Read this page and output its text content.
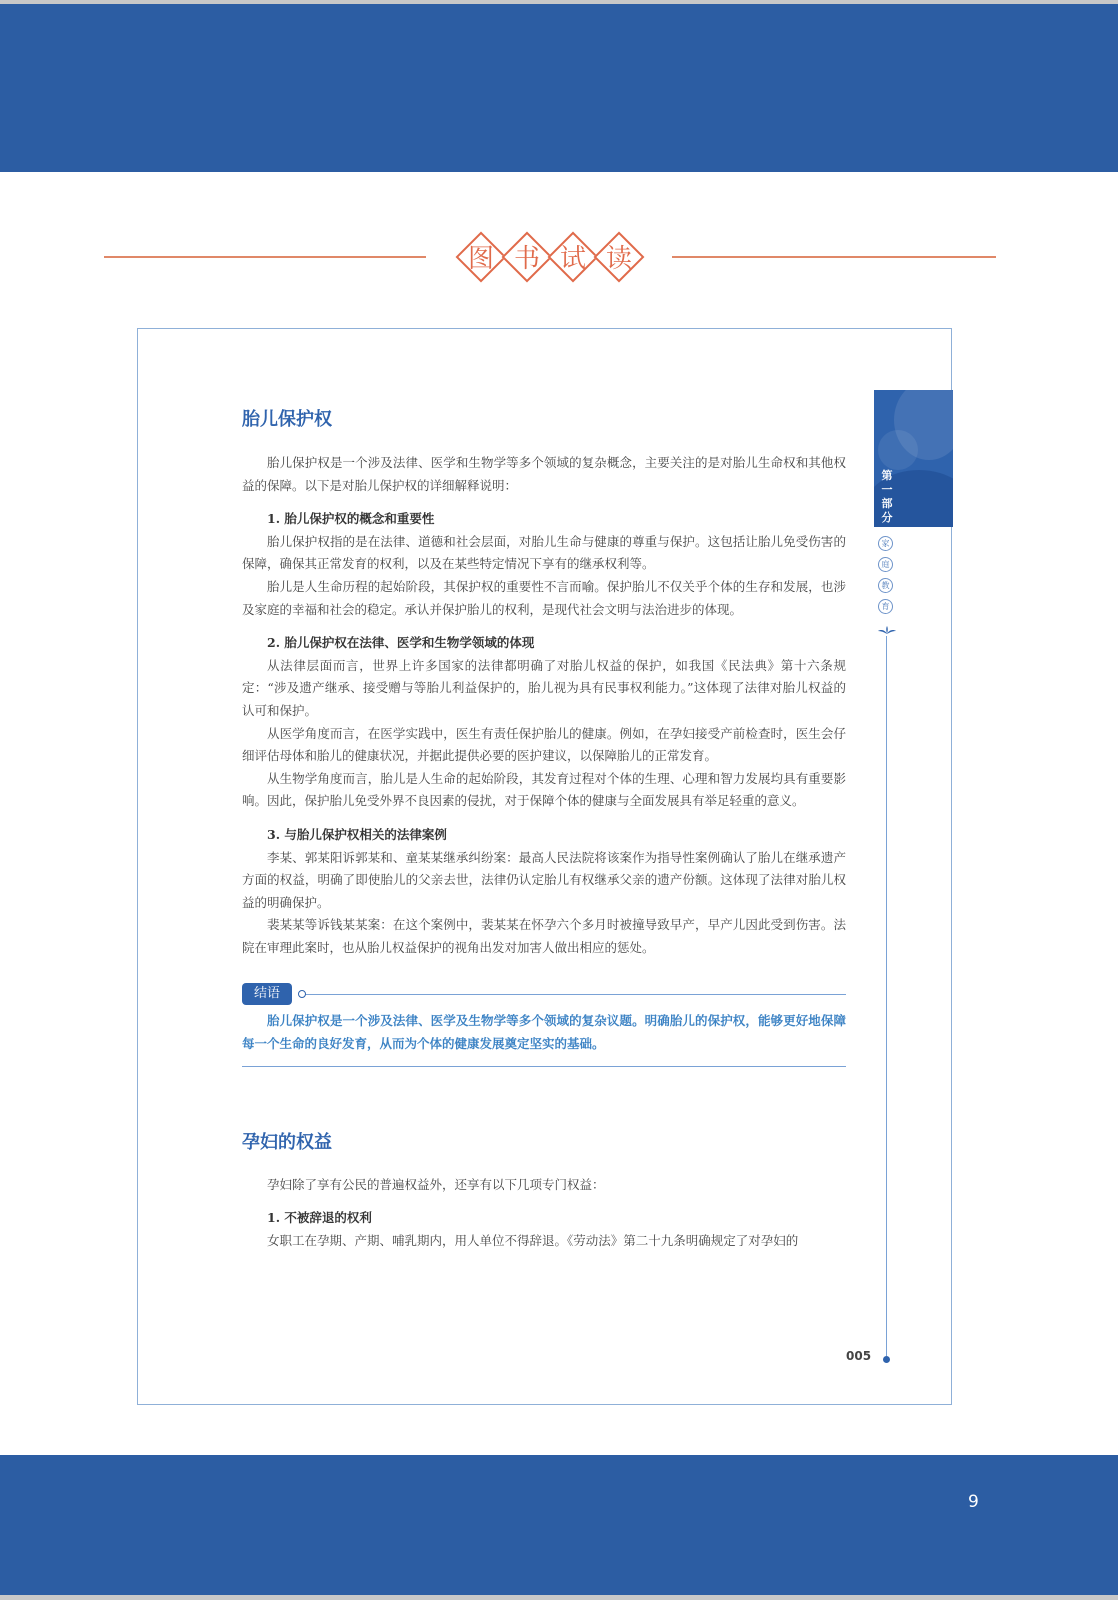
图 书 试 读
第一部分
家
庭
教
育
005
胎儿保护权

胎儿保护权是一个涉及法律、医学和生物学等多个领域的复杂概念，主要关注的是对胎儿生命权和其他权益的保障。以下是对胎儿保护权的详细解释说明：

1. 胎儿保护权的概念和重要性

胎儿保护权指的是在法律、道德和社会层面，对胎儿生命与健康的尊重与保护。这包括让胎儿免受伤害的保障，确保其正常发育的权利，以及在某些特定情况下享有的继承权利等。

胎儿是人生命历程的起始阶段，其保护权的重要性不言而喻。保护胎儿不仅关乎个体的生存和发展，也涉及家庭的幸福和社会的稳定。承认并保护胎儿的权利，是现代社会文明与法治进步的体现。

2. 胎儿保护权在法律、医学和生物学领域的体现

从法律层面而言，世界上许多国家的法律都明确了对胎儿权益的保护，如我国《民法典》第十六条规定：“涉及遗产继承、接受赠与等胎儿利益保护的，胎儿视为具有民事权利能力。”这体现了法律对胎儿权益的认可和保护。

从医学角度而言，在医学实践中，医生有责任保护胎儿的健康。例如，在孕妇接受产前检查时，医生会仔细评估母体和胎儿的健康状况，并据此提供必要的医护建议，以保障胎儿的正常发育。

从生物学角度而言，胎儿是人生命的起始阶段，其发育过程对个体的生理、心理和智力发展均具有重要影响。因此，保护胎儿免受外界不良因素的侵扰，对于保障个体的健康与全面发展具有举足轻重的意义。

3. 与胎儿保护权相关的法律案例

李某、郭某阳诉郭某和、童某某继承纠纷案：最高人民法院将该案作为指导性案例确认了胎儿在继承遗产方面的权益，明确了即使胎儿的父亲去世，法律仍认定胎儿有权继承父亲的遗产份额。这体现了法律对胎儿权益的明确保护。

裴某某等诉钱某某案：在这个案例中，裴某某在怀孕六个多月时被撞导致早产，早产儿因此受到伤害。法院在审理此案时，也从胎儿权益保护的视角出发对加害人做出相应的惩处。

结语

胎儿保护权是一个涉及法律、医学及生物学等多个领域的复杂议题。明确胎儿的保护权，能够更好地保障每一个生命的良好发育，从而为个体的健康发展奠定坚实的基础。

孕妇的权益

孕妇除了享有公民的普遍权益外，还享有以下几项专门权益：

1. 不被辞退的权利

女职工在孕期、产期、哺乳期内，用人单位不得辞退。《劳动法》第二十九条明确规定了对孕妇的

9
